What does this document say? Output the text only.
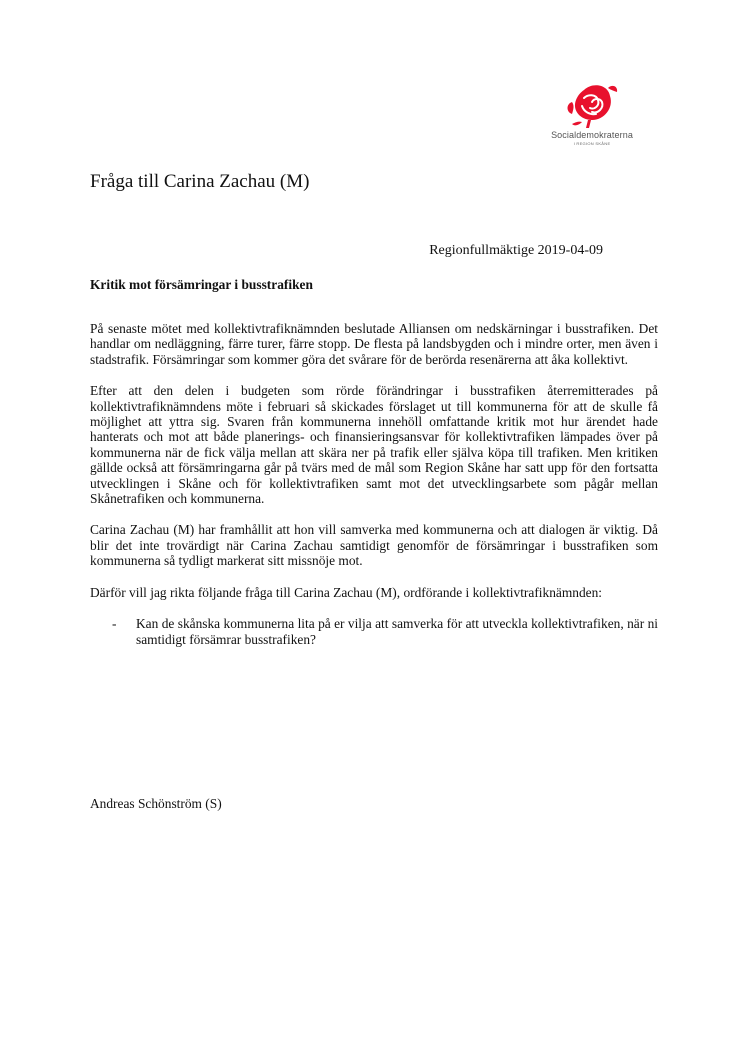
Socialdemokraterna
I REGION SKÅNE
Fråga till Carina Zachau (M)
Regionfullmäktige 2019-04-09
Kritik mot försämringar i busstrafiken

På senaste mötet med kollektivtrafiknämnden beslutade Alliansen om nedskärningar i busstrafiken. Det handlar om nedläggning, färre turer, färre stopp. De flesta på landsbygden och i mindre orter, men även i stadstrafik. Försämringar som kommer göra det svårare för de berörda resenärerna att åka kollektivt.

Efter att den delen i budgeten som rörde förändringar i busstrafiken återremitterades på kollektivtrafiknämndens möte i februari så skickades förslaget ut till kommunerna för att de skulle få möjlighet att yttra sig. Svaren från kommunerna innehöll omfattande kritik mot hur ärendet hade hanterats och mot att både planerings- och finansieringsansvar för kollektivtrafiken lämpades över på kommunerna när de fick välja mellan att skära ner på trafik eller själva köpa till trafiken. Men kritiken gällde också att försämringarna går på tvärs med de mål som Region Skåne har satt upp för den fortsatta utvecklingen i Skåne och för kollektivtrafiken samt mot det utvecklingsarbete som pågår mellan Skånetrafiken och kommunerna.

Carina Zachau (M) har framhållit att hon vill samverka med kommunerna och att dialogen är viktig. Då blir det inte trovärdigt när Carina Zachau samtidigt genomför de försämringar i busstrafiken som kommunerna så tydligt markerat sitt missnöje mot.

Därför vill jag rikta följande fråga till Carina Zachau (M), ordförande i kollektivtrafiknämnden:

-	Kan de skånska kommunerna lita på er vilja att samverka för att utveckla kollektivtrafiken, när ni samtidigt försämrar busstrafiken?
Andreas Schönström (S)
